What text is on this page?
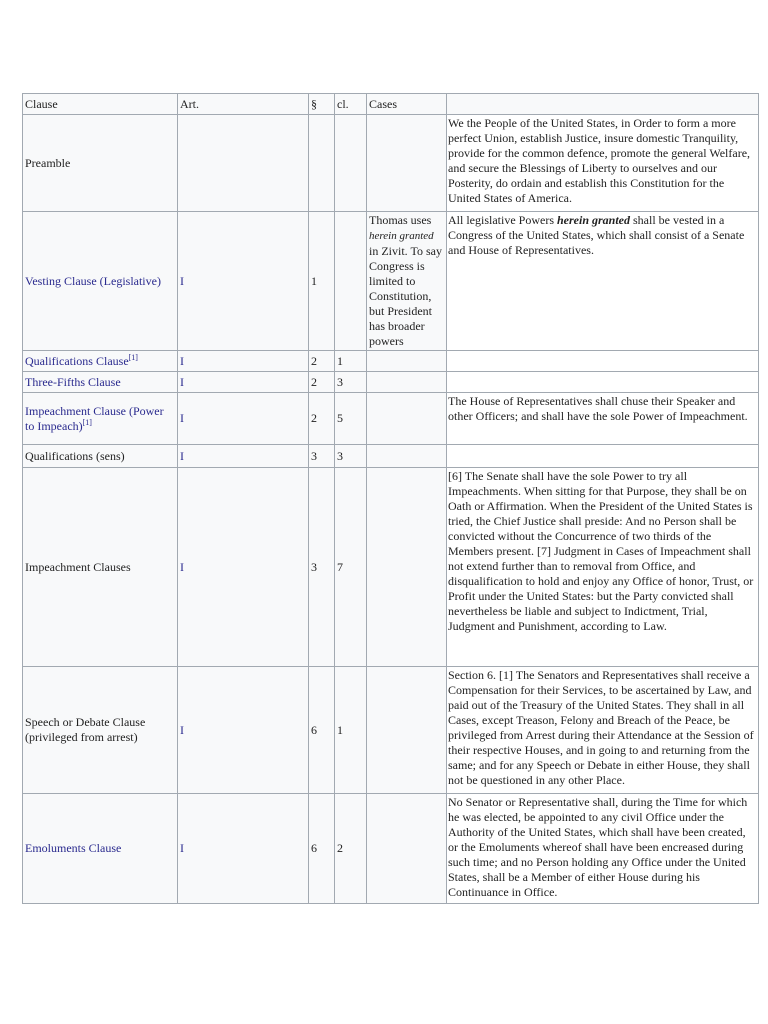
Clause	Art.	§	cl.	Cases	
Preamble					We the People of the United States, in Order to form a more perfect Union, establish Justice, insure domestic Tranquility, provide for the common defence, promote the general Welfare, and secure the Blessings of Liberty to ourselves and our Posterity, do ordain and establish this Constitution for the United States of America.
Vesting Clause (Legislative)	I	1		Thomas uses herein granted in Zivit. To say Congress is limited to Constitution, but President has broader powers	All legislative Powers herein granted shall be vested in a Congress of the United States, which shall consist of a Senate and House of Representatives.
Qualifications Clause[1]	I	2	1		
Three-Fifths Clause	I	2	3		
Impeachment Clause (Power to Impeach)[1]	I	2	5		The House of Representatives shall chuse their Speaker and other Officers; and shall have the sole Power of Impeachment.
Qualifications (sens)	I	3	3		
Impeachment Clauses	I	3	7		[6] The Senate shall have the sole Power to try all Impeachments. When sitting for that Purpose, they shall be on Oath or Affirmation. When the President of the United States is tried, the Chief Justice shall preside: And no Person shall be convicted without the Concurrence of two thirds of the Members present. [7] Judgment in Cases of Impeachment shall not extend further than to removal from Office, and disqualification to hold and enjoy any Office of honor, Trust, or Profit under the United States: but the Party convicted shall nevertheless be liable and subject to Indictment, Trial, Judgment and Punishment, according to Law.
Speech or Debate Clause (privileged from arrest)	I	6	1		Section 6. [1] The Senators and Representatives shall receive a Compensation for their Services, to be ascertained by Law, and paid out of the Treasury of the United States. They shall in all Cases, except Treason, Felony and Breach of the Peace, be privileged from Arrest during their Attendance at the Session of their respective Houses, and in going to and returning from the same; and for any Speech or Debate in either House, they shall not be questioned in any other Place.
Emoluments Clause	I	6	2		No Senator or Representative shall, during the Time for which he was elected, be appointed to any civil Office under the Authority of the United States, which shall have been created, or the Emoluments whereof shall have been encreased during such time; and no Person holding any Office under the United States, shall be a Member of either House during his Continuance in Office.
